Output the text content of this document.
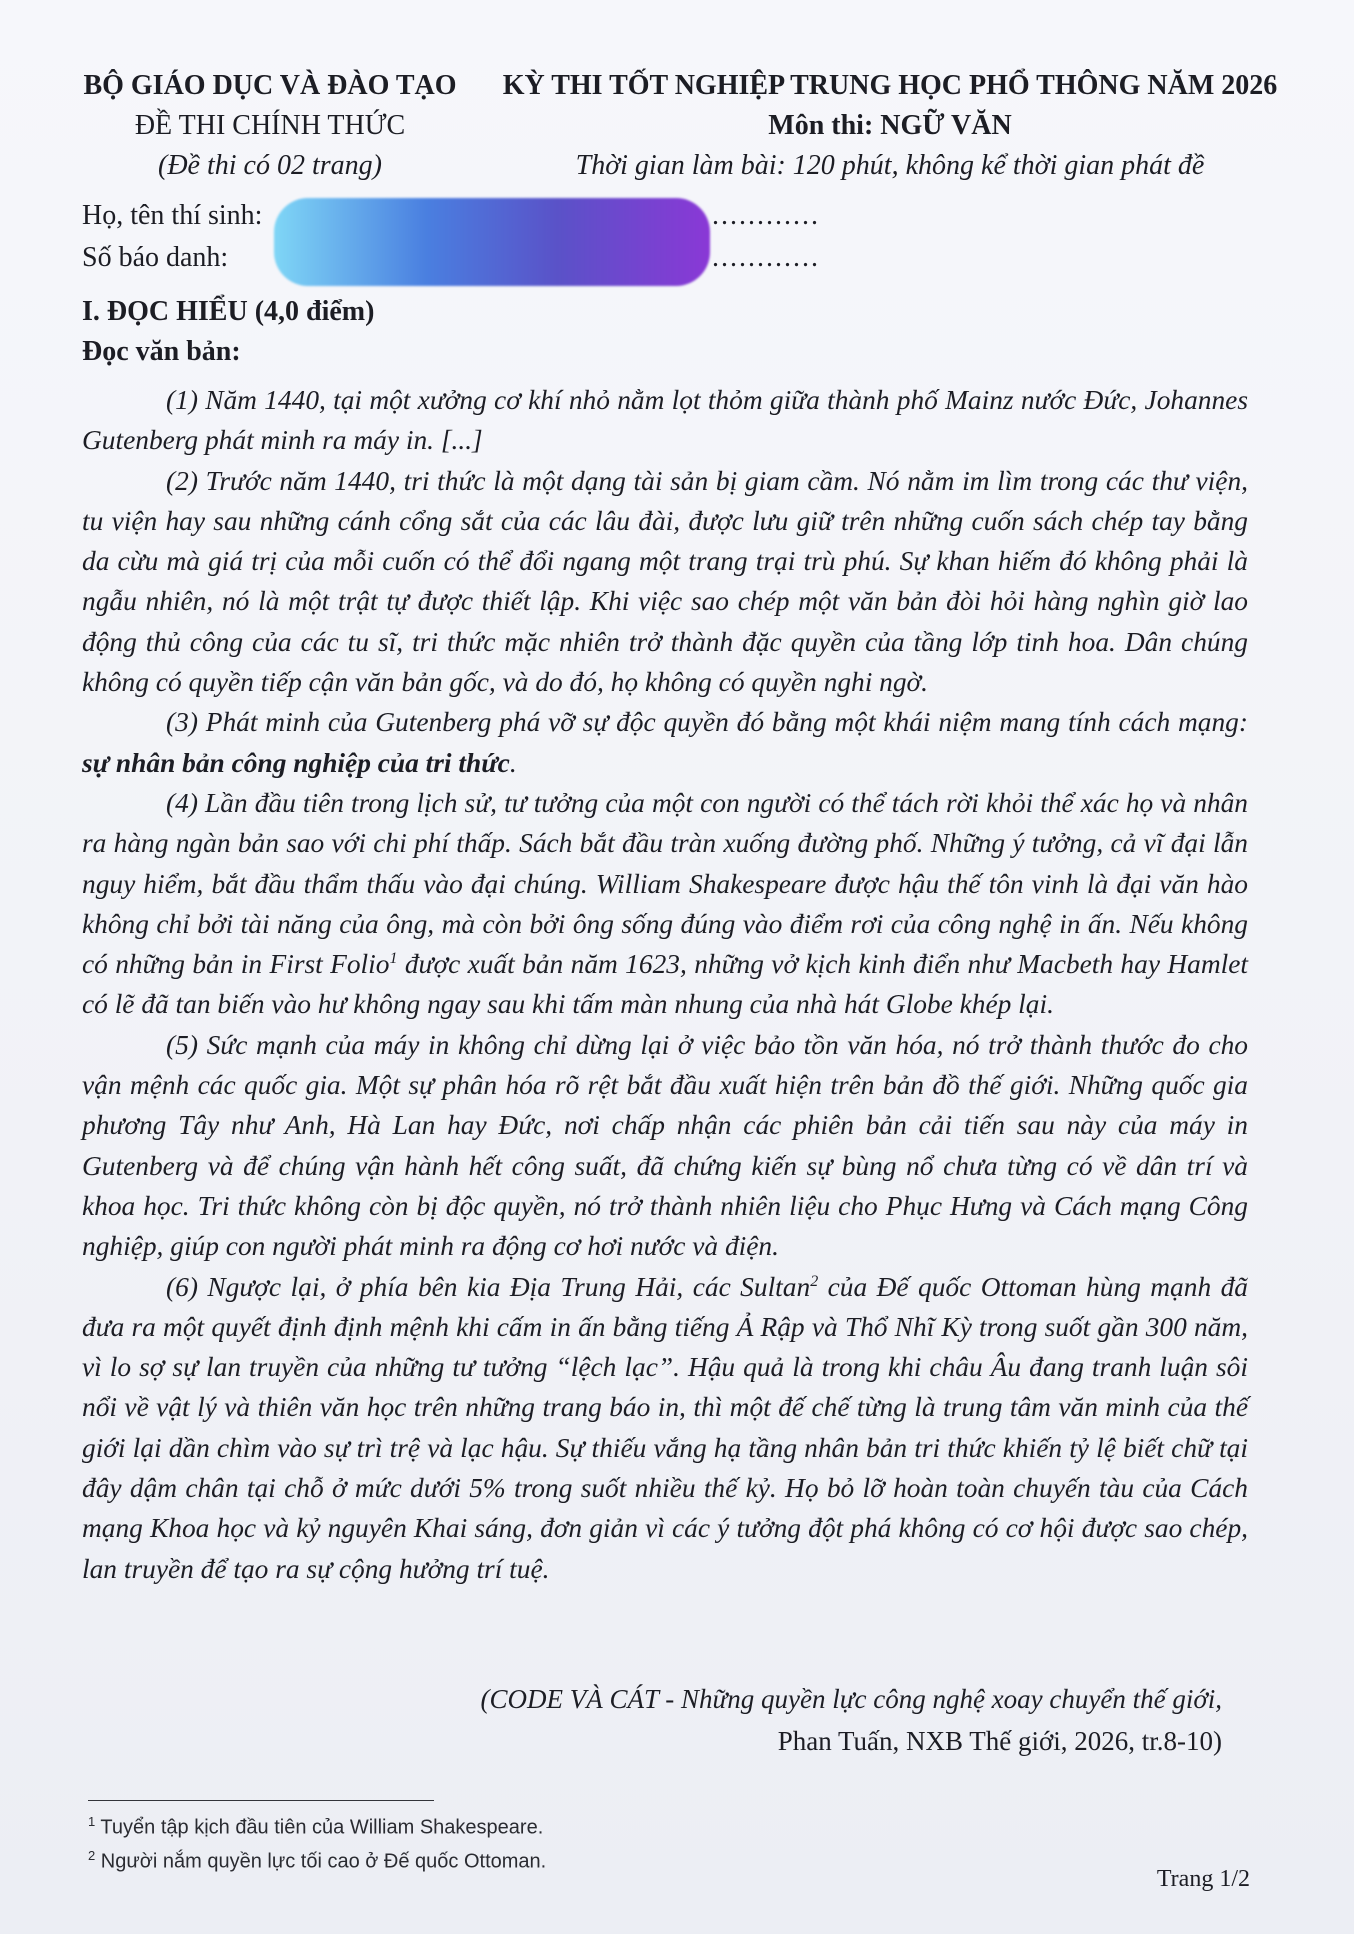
BỘ GIÁO DỤC VÀ ĐÀO TẠO
ĐỀ THI CHÍNH THỨC
(Đề thi có 02 trang)
KỲ THI TỐT NGHIỆP TRUNG HỌC PHỔ THÔNG NĂM 2026
Môn thi: NGỮ VĂN
Thời gian làm bài: 120 phút, không kể thời gian phát đề
Họ, tên thí sinh:	............
Số báo danh:	............
I. ĐỌC HIỂU (4,0 điểm)
Đọc văn bản:

(1) Năm 1440, tại một xưởng cơ khí nhỏ nằm lọt thỏm giữa thành phố Mainz nước Đức, Johannes Gutenberg phát minh ra máy in. [...]

(2) Trước năm 1440, tri thức là một dạng tài sản bị giam cầm. Nó nằm im lìm trong các thư viện, tu viện hay sau những cánh cổng sắt của các lâu đài, được lưu giữ trên những cuốn sách chép tay bằng da cừu mà giá trị của mỗi cuốn có thể đổi ngang một trang trại trù phú. Sự khan hiếm đó không phải là ngẫu nhiên, nó là một trật tự được thiết lập. Khi việc sao chép một văn bản đòi hỏi hàng nghìn giờ lao động thủ công của các tu sĩ, tri thức mặc nhiên trở thành đặc quyền của tầng lớp tinh hoa. Dân chúng không có quyền tiếp cận văn bản gốc, và do đó, họ không có quyền nghi ngờ.

(3) Phát minh của Gutenberg phá vỡ sự độc quyền đó bằng một khái niệm mang tính cách mạng: sự nhân bản công nghiệp của tri thức.

(4) Lần đầu tiên trong lịch sử, tư tưởng của một con người có thể tách rời khỏi thể xác họ và nhân ra hàng ngàn bản sao với chi phí thấp. Sách bắt đầu tràn xuống đường phố. Những ý tưởng, cả vĩ đại lẫn nguy hiểm, bắt đầu thẩm thấu vào đại chúng. William Shakespeare được hậu thế tôn vinh là đại văn hào không chỉ bởi tài năng của ông, mà còn bởi ông sống đúng vào điểm rơi của công nghệ in ấn. Nếu không có những bản in First Folio$^1$ được xuất bản năm 1623, những vở kịch kinh điển như Macbeth hay Hamlet có lẽ đã tan biến vào hư không ngay sau khi tấm màn nhung của nhà hát Globe khép lại.

(5) Sức mạnh của máy in không chỉ dừng lại ở việc bảo tồn văn hóa, nó trở thành thước đo cho vận mệnh các quốc gia. Một sự phân hóa rõ rệt bắt đầu xuất hiện trên bản đồ thế giới. Những quốc gia phương Tây như Anh, Hà Lan hay Đức, nơi chấp nhận các phiên bản cải tiến sau này của máy in Gutenberg và để chúng vận hành hết công suất, đã chứng kiến sự bùng nổ chưa từng có về dân trí và khoa học. Tri thức không còn bị độc quyền, nó trở thành nhiên liệu cho Phục Hưng và Cách mạng Công nghiệp, giúp con người phát minh ra động cơ hơi nước và điện.

(6) Ngược lại, ở phía bên kia Địa Trung Hải, các Sultan$^2$ của Đế quốc Ottoman hùng mạnh đã đưa ra một quyết định định mệnh khi cấm in ấn bằng tiếng Ả Rập và Thổ Nhĩ Kỳ trong suốt gần 300 năm, vì lo sợ sự lan truyền của những tư tưởng “lệch lạc”. Hậu quả là trong khi châu Âu đang tranh luận sôi nổi về vật lý và thiên văn học trên những trang báo in, thì một đế chế từng là trung tâm văn minh của thế giới lại dần chìm vào sự trì trệ và lạc hậu. Sự thiếu vắng hạ tầng nhân bản tri thức khiến tỷ lệ biết chữ tại đây dậm chân tại chỗ ở mức dưới 5% trong suốt nhiều thế kỷ. Họ bỏ lỡ hoàn toàn chuyến tàu của Cách mạng Khoa học và kỷ nguyên Khai sáng, đơn giản vì các ý tưởng đột phá không có cơ hội được sao chép, lan truyền để tạo ra sự cộng hưởng trí tuệ.

(CODE VÀ CÁT - Những quyền lực công nghệ xoay chuyển thế giới,
Phan Tuấn, NXB Thế giới, 2026, tr.8-10)
$^1$ Tuyển tập kịch đầu tiên của William Shakespeare.
$^2$ Người nắm quyền lực tối cao ở Đế quốc Ottoman.
Trang 1/2
